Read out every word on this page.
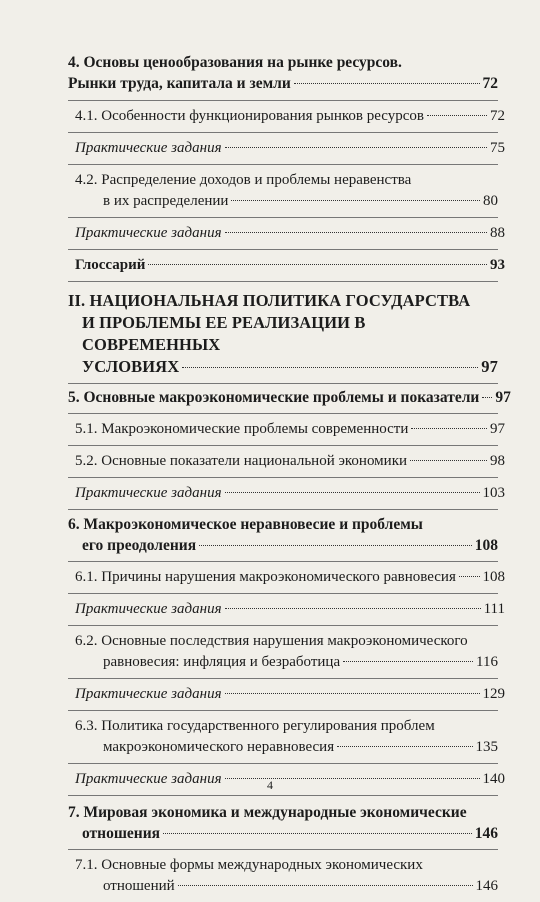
4. Основы ценообразования на рынке ресурсов.
Рынки труда, капитала и земли	72
4.1. Особенности функционирования рынков ресурсов	72
Практические задания	75
4.2. Распределение доходов и проблемы неравенства
в их распределении	80
Практические задания	88
Глоссарий	93
II. НАЦИОНАЛЬНАЯ ПОЛИТИКА ГОСУДАРСТВА
И ПРОБЛЕМЫ ЕЕ РЕАЛИЗАЦИИ В СОВРЕМЕННЫХ
УСЛОВИЯХ	97
5. Основные макроэкономические проблемы и показатели 97
5.1. Макроэкономические проблемы современности	97
5.2. Основные показатели национальной экономики	98
Практические задания	103
6. Макроэкономическое неравновесие и проблемы
его преодоления	108
6.1. Причины нарушения макроэкономического равновесия 108
Практические задания	111
6.2. Основные последствия нарушения макроэкономического
равновесия: инфляция и безработица	116
Практические задания	129
6.3. Политика государственного регулирования проблем
макроэкономического неравновесия	135
Практические задания	140
7. Мировая экономика и международные экономические
отношения	146
7.1. Основные формы международных экономических
отношений	146
4
